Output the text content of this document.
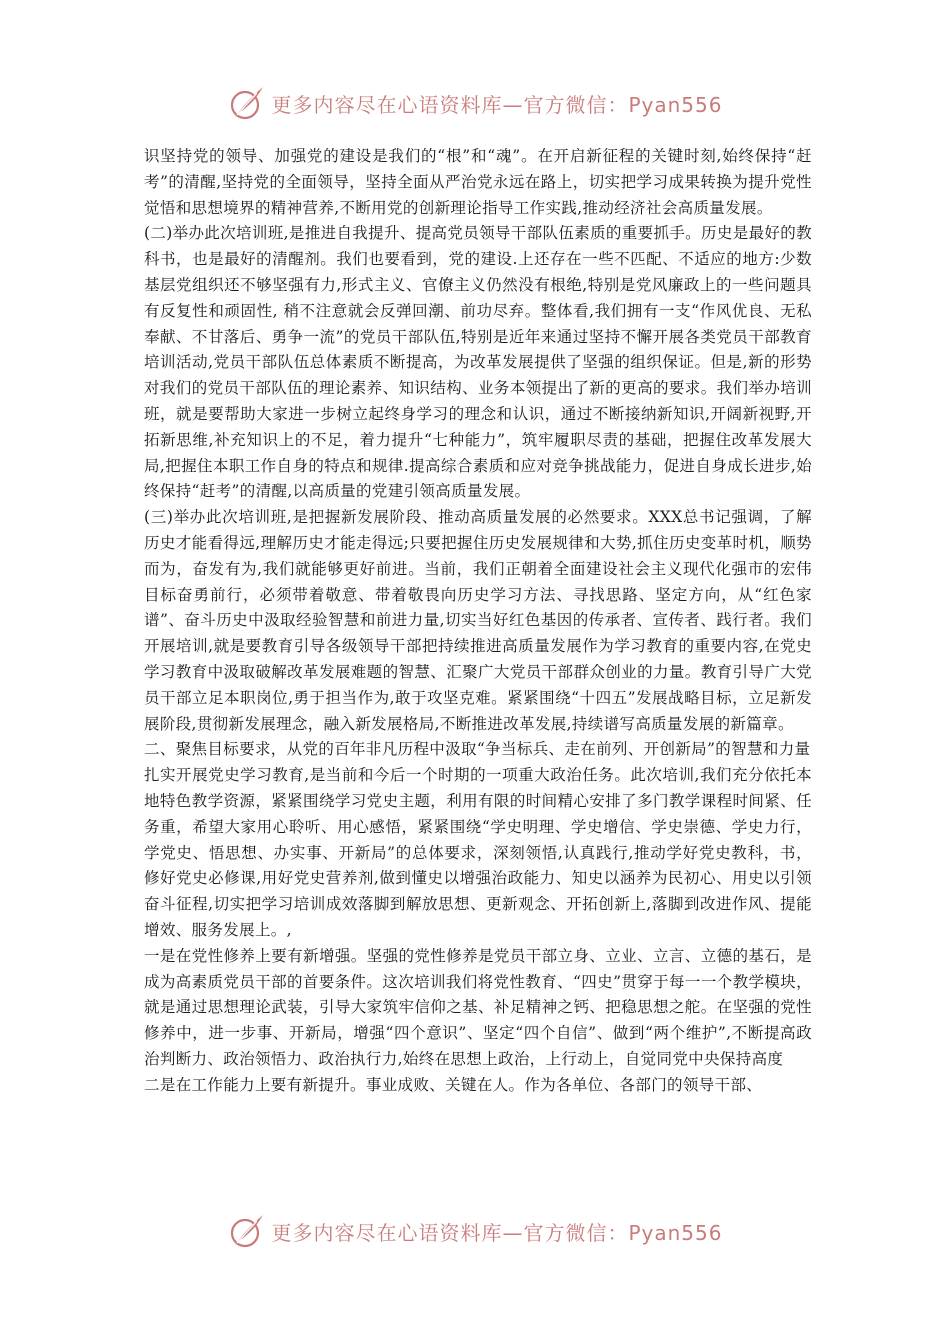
更多内容尽在心语资料库—官方微信：Pyan556

识坚持党的领导、加强党的建设是我们的“根”和“魂”。在开启新征程的关键时刻,始终保持“赶考”的清醒,坚持党的全面领导，坚持全面从严治党永远在路上，切实把学习成果转换为提升党性觉悟和思想境界的精神营养,不断用党的创新理论指导工作实践,推动经济社会高质量发展。

(二)举办此次培训班,是推进自我提升、提高党员领导干部队伍素质的重要抓手。历史是最好的教科书，也是最好的清醒剂。我们也要看到，党的建设.上还存在一些不匹配、不适应的地方:少数基层党组织还不够坚强有力,形式主义、官僚主义仍然没有根绝,特别是党风廉政上的一些问题具有反复性和顽固性, 稍不注意就会反弹回潮、前功尽弃。整体看,我们拥有一支“作风优良、无私奉献、不甘落后、勇争一流”的党员干部队伍,特别是近年来通过坚持不懈开展各类党员干部教育培训活动,党员干部队伍总体素质不断提高，为改革发展提供了坚强的组织保证。但是,新的形势对我们的党员干部队伍的理论素养、知识结构、业务本领提出了新的更高的要求。我们举办培训班，就是要帮助大家进一步树立起终身学习的理念和认识，通过不断接纳新知识,开阔新视野,开拓新思维,补充知识上的不足，着力提升“七种能力”，筑牢履职尽责的基础，把握住改革发展大局,把握住本职工作自身的特点和规律.提高综合素质和应对竞争挑战能力，促进自身成长进步,始终保持“赶考”的清醒,以高质量的党建引领高质量发展。

(三)举办此次培训班,是把握新发展阶段、推动高质量发展的必然要求。XXX总书记强调，了解历史才能看得远,理解历史才能走得远;只要把握住历史发展规律和大势,抓住历史变革时机，顺势而为，奋发有为,我们就能够更好前进。当前，我们正朝着全面建设社会主义现代化强市的宏伟目标奋勇前行，必须带着敬意、带着敬畏向历史学习方法、寻找思路、坚定方向，从“红色家谱”、奋斗历史中汲取经验智慧和前进力量,切实当好红色基因的传承者、宣传者、践行者。我们开展培训,就是要教育引导各级领导干部把持续推进高质量发展作为学习教育的重要内容,在党史学习教育中汲取破解改革发展难题的智慧、汇聚广大党员干部群众创业的力量。教育引导广大党员干部立足本职岗位,勇于担当作为,敢于攻坚克难。紧紧围绕“十四五”发展战略目标，立足新发展阶段,贯彻新发展理念，融入新发展格局,不断推进改革发展,持续谱写高质量发展的新篇章。

二、聚焦目标要求，从党的百年非凡历程中汲取“争当标兵、走在前列、开创新局”的智慧和力量

扎实开展党史学习教育,是当前和今后一个时期的一项重大政治任务。此次培训,我们充分依托本地特色教学资源，紧紧围绕学习党史主题，利用有限的时间精心安排了多门教学课程时间紧、任务重，希望大家用心聆听、用心感悟，紧紧围绕“学史明理、学史增信、学史崇德、学史力行，学党史、悟思想、办实事、开新局”的总体要求，深刻领悟,认真践行,推动学好党史教科，书，修好党史必修课,用好党史营养剂,做到懂史以增强治政能力、知史以涵养为民初心、用史以引领奋斗征程,切实把学习培训成效落脚到解放思想、更新观念、开拓创新上,落脚到改进作风、提能增效、服务发展上。,

一是在党性修养上要有新增强。坚强的党性修养是党员干部立身、立业、立言、立德的基石，是成为高素质党员干部的首要条件。这次培训我们将党性教育、“四史”贯穿于每一一个教学模块，就是通过思想理论武装，引导大家筑牢信仰之基、补足精神之钙、把稳思想之舵。在坚强的党性修养中，进一步事、开新局，增强“四个意识”、坚定“四个自信”、做到“两个维护”,不断提高政治判断力、政治领悟力、政治执行力,始终在思想上政治，上行动上，自觉同党中央保持高度

二是在工作能力上要有新提升。事业成败、关键在人。作为各单位、各部门的领导干部、

更多内容尽在心语资料库—官方微信：Pyan556
